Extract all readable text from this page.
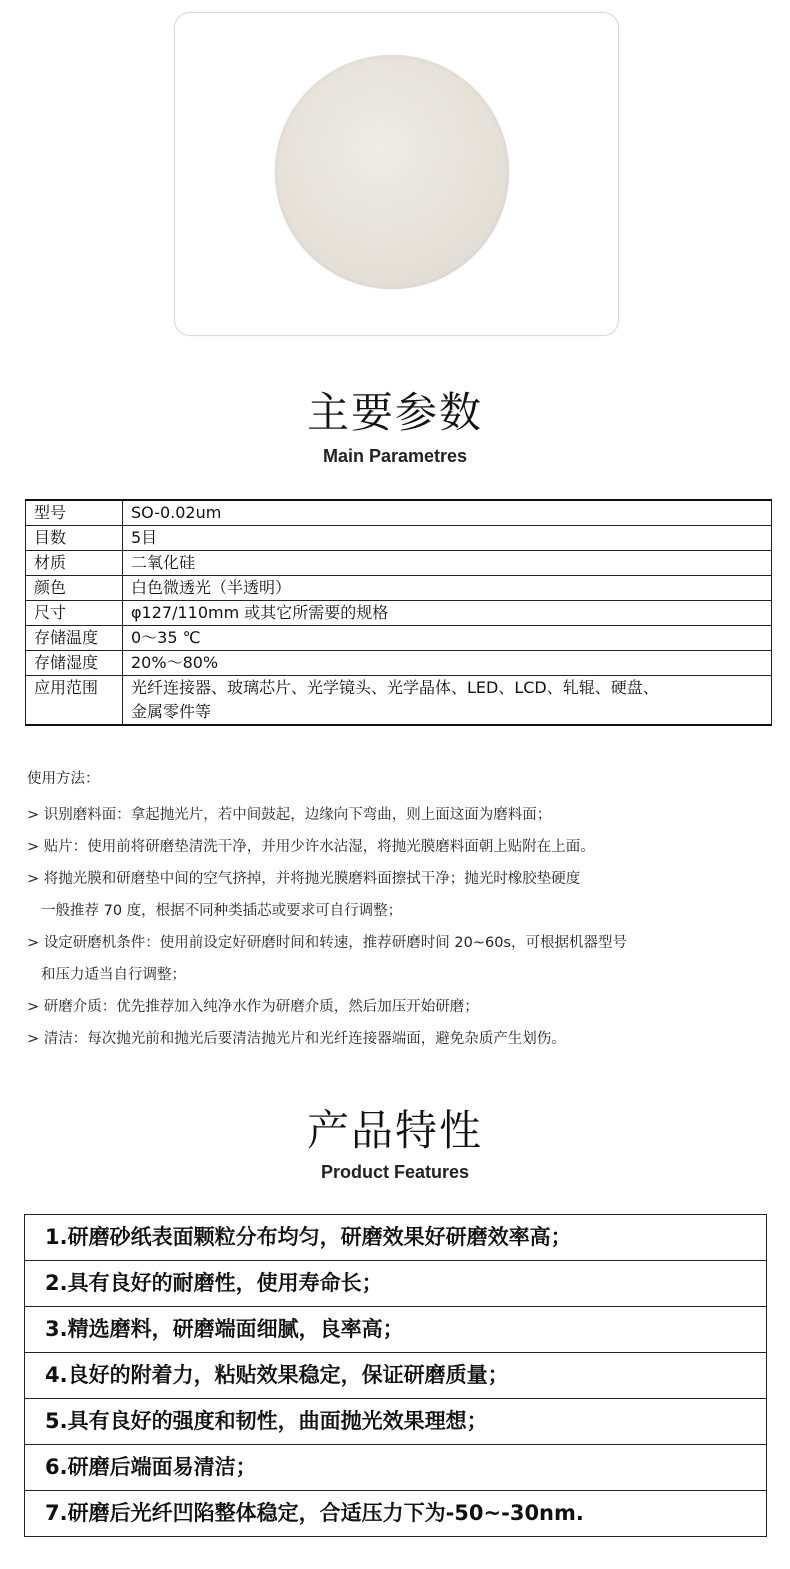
主要参数
Main Parametres
型号	SO-0.02um
目数	5目
材质	二氧化硅
颜色	白色微透光（半透明）
尺寸	φ127/110mm 或其它所需要的规格
存储温度	0～35 ℃
存储湿度	20%～80%
应用范围	光纤连接器、玻璃芯片、光学镜头、光学晶体、LED、LCD、轧辊、硬盘、
金属零件等
使用方法：
> 识别磨料面：拿起抛光片，若中间鼓起，边缘向下弯曲，则上面这面为磨料面；
> 贴片：使用前将研磨垫清洗干净，并用少许水沾湿，将抛光膜磨料面朝上贴附在上面。
> 将抛光膜和研磨垫中间的空气挤掉，并将抛光膜磨料面擦拭干净；抛光时橡胶垫硬度
一般推荐 70 度，根据不同种类插芯或要求可自行调整；
> 设定研磨机条件：使用前设定好研磨时间和转速，推荐研磨时间 20~60s，可根据机器型号
和压力适当自行调整；
> 研磨介质：优先推荐加入纯净水作为研磨介质，然后加压开始研磨；
> 清洁：每次抛光前和抛光后要清洁抛光片和光纤连接器端面，避免杂质产生划伤。
产品特性
Product Features
1.研磨砂纸表面颗粒分布均匀，研磨效果好研磨效率高；
2.具有良好的耐磨性，使用寿命长；
3.精选磨料，研磨端面细腻，良率高；
4.良好的附着力，粘贴效果稳定，保证研磨质量；
5.具有良好的强度和韧性，曲面抛光效果理想；
6.研磨后端面易清洁；
7.研磨后光纤凹陷整体稳定，合适压力下为-50~-30nm.
